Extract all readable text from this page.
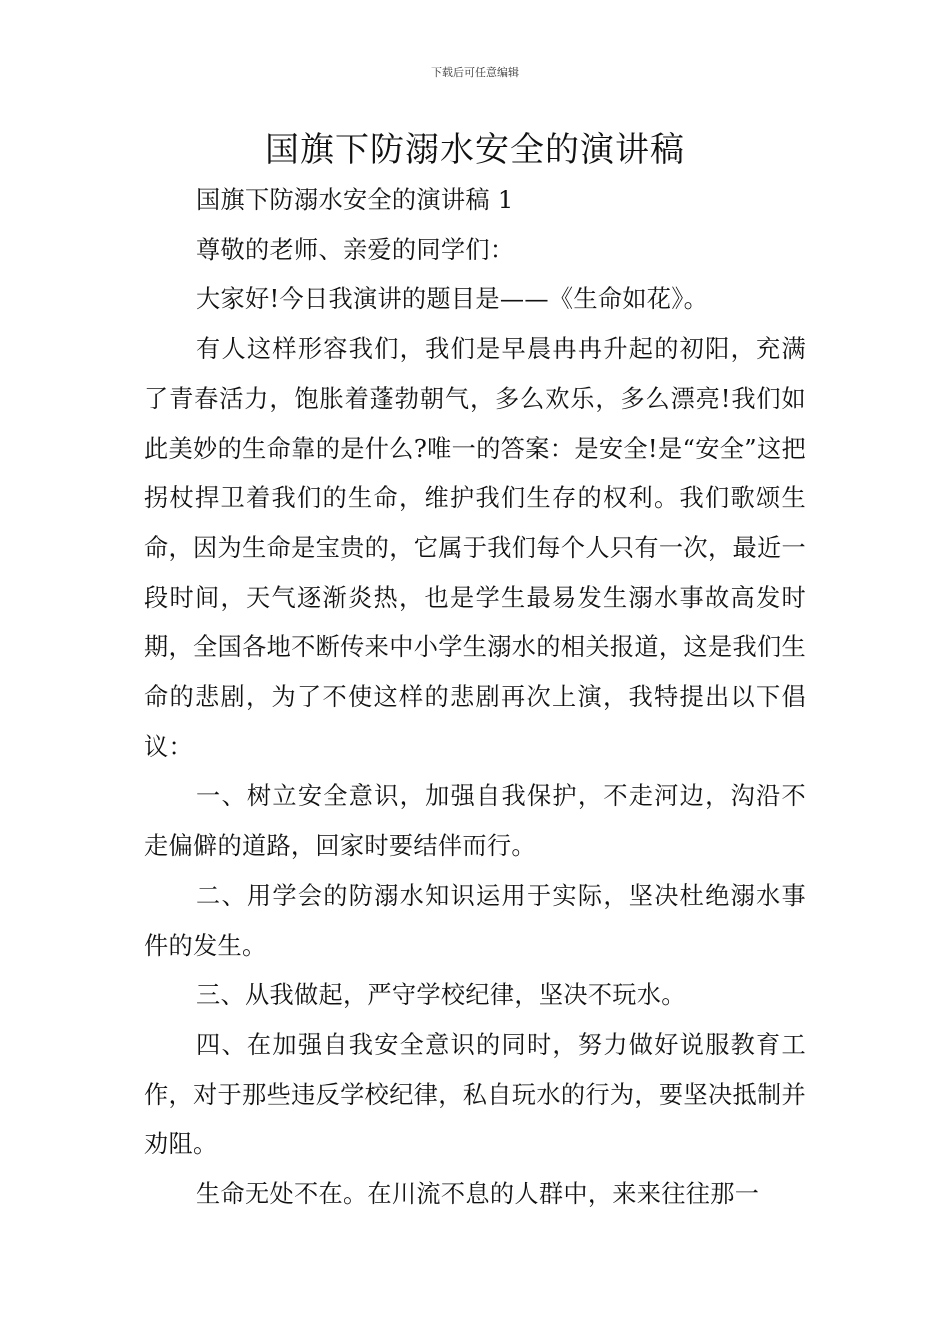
下载后可任意编辑
国旗下防溺水安全的演讲稿

国旗下防溺水安全的演讲稿 1

尊敬的老师、亲爱的同学们：

大家好!今日我演讲的题目是——《生命如花》。

有人这样形容我们，我们是早晨冉冉升起的初阳，充满了青春活力，饱胀着蓬勃朝气，多么欢乐，多么漂亮!我们如此美妙的生命靠的是什么?唯一的答案：是安全!是“安全”这把拐杖捍卫着我们的生命，维护我们生存的权利。我们歌颂生命，因为生命是宝贵的，它属于我们每个人只有一次，最近一段时间，天气逐渐炎热，也是学生最易发生溺水事故高发时期，全国各地不断传来中小学生溺水的相关报道，这是我们生命的悲剧，为了不使这样的悲剧再次上演，我特提出以下倡议：

一、树立安全意识，加强自我保护，不走河边，沟沿不走偏僻的道路，回家时要结伴而行。

二、用学会的防溺水知识运用于实际，坚决杜绝溺水事件的发生。

三、从我做起，严守学校纪律，坚决不玩水。

四、在加强自我安全意识的同时，努力做好说服教育工作，对于那些违反学校纪律，私自玩水的行为，要坚决抵制并劝阻。

生命无处不在。在川流不息的人群中，来来往往那一
